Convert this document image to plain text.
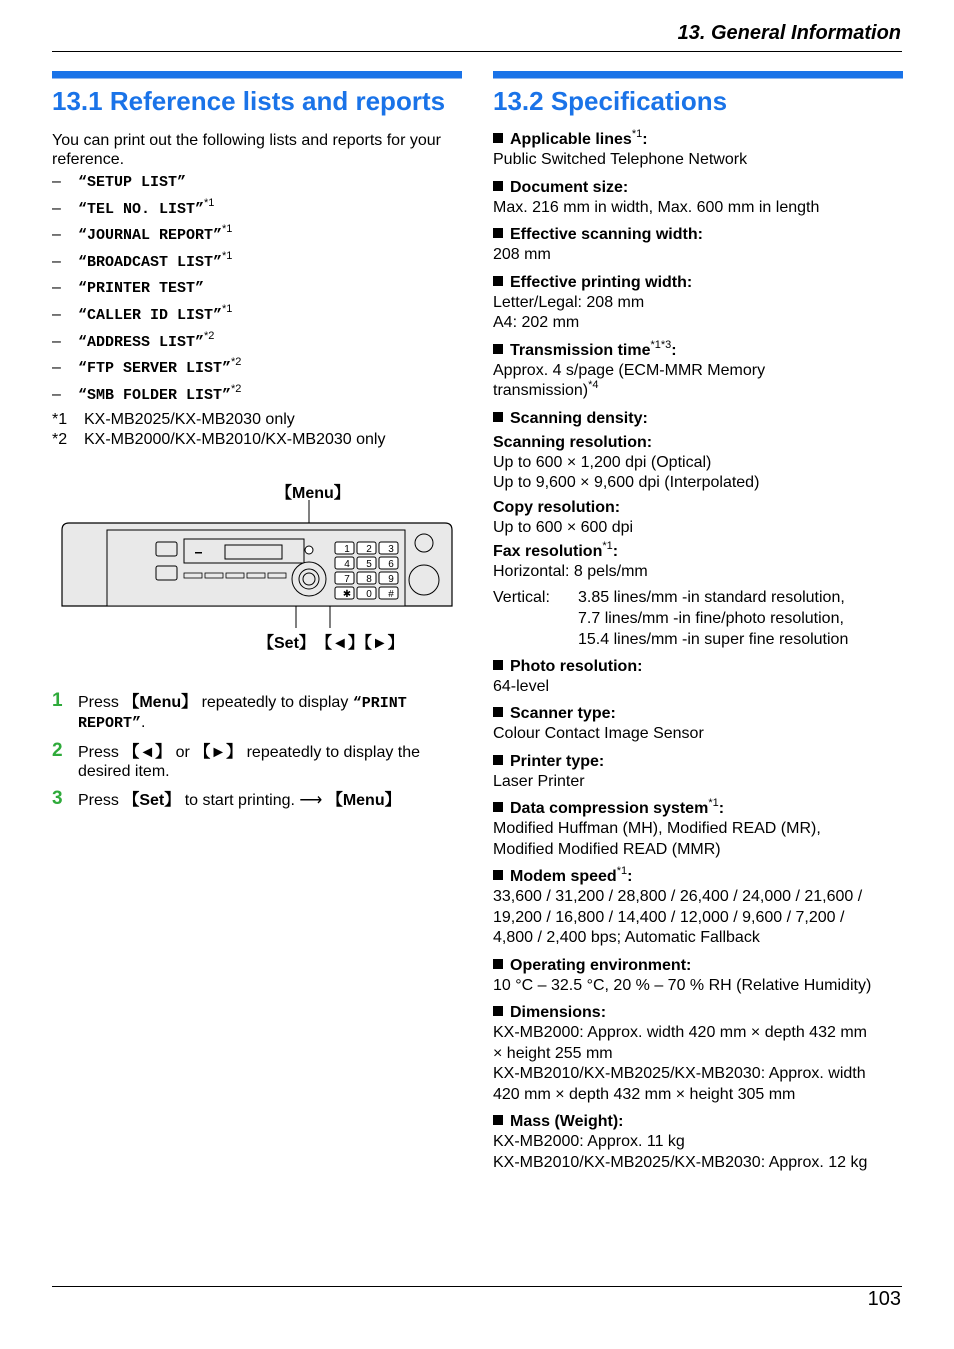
13. General Information
13.1 Reference lists and reports
You can print out the following lists and reports for your reference.
– “SETUP LIST”
– “TEL NO. LIST”$^{*1}$
– “JOURNAL REPORT”$^{*1}$
– “BROADCAST LIST”$^{*1}$
– “PRINTER TEST”
– “CALLER ID LIST”$^{*1}$
– “ADDRESS LIST”$^{*2}$
– “FTP SERVER LIST”$^{*2}$
– “SMB FOLDER LIST”$^{*2}$
*1 KX-MB2025/KX-MB2030 only
*2 KX-MB2000/KX-MB2010/KX-MB2030 only
1 2 3
4 5 6
7 8 9
✱ 0 #
【Menu】
【Set】 【◄】【►】
1 Press 【Menu】 repeatedly to display “PRINT REPORT”.
2 Press 【◄】 or 【►】 repeatedly to display the desired item.
3 Press 【Set】 to start printing. ⟶ 【Menu】
13.2 Specifications
Applicable lines$^{*1}$:
Public Switched Telephone Network
Document size:
Max. 216 mm in width, Max. 600 mm in length
Effective scanning width:
208 mm
Effective printing width:
Letter/Legal: 208 mm
A4: 202 mm
Transmission time$^{*1*3}$:
Approx. 4 s/page (ECM-MMR Memory
transmission)$^{*4}$
Scanning density:
Scanning resolution:
Up to 600 × 1,200 dpi (Optical)
Up to 9,600 × 9,600 dpi (Interpolated)
Copy resolution:
Up to 600 × 600 dpi
Fax resolution$^{*1}$:
Horizontal: 8 pels/mm
Vertical: 3.85 lines/mm -in standard resolution,
7.7 lines/mm -in fine/photo resolution,
15.4 lines/mm -in super fine resolution
Photo resolution:
64-level
Scanner type:
Colour Contact Image Sensor
Printer type:
Laser Printer
Data compression system$^{*1}$:
Modified Huffman (MH), Modified READ (MR),
Modified Modified READ (MMR)
Modem speed$^{*1}$:
33,600 / 31,200 / 28,800 / 26,400 / 24,000 / 21,600 /
19,200 / 16,800 / 14,400 / 12,000 / 9,600 / 7,200 /
4,800 / 2,400 bps; Automatic Fallback
Operating environment:
10 °C – 32.5 °C, 20 % – 70 % RH (Relative Humidity)
Dimensions:
KX-MB2000: Approx. width 420 mm × depth 432 mm
× height 255 mm
KX-MB2010/KX-MB2025/KX-MB2030: Approx. width
420 mm × depth 432 mm × height 305 mm
Mass (Weight):
KX-MB2000: Approx. 11 kg
KX-MB2010/KX-MB2025/KX-MB2030: Approx. 12 kg
103
